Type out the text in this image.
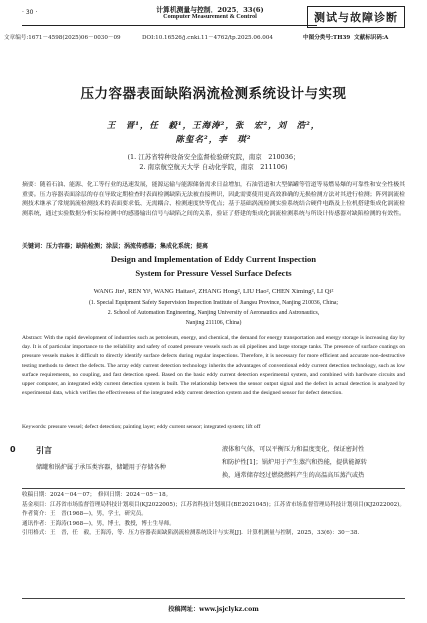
· 30 ·	计算机测量与控制．2025．33(6)
Computer Measurement & Control	测试与故障诊断
文章编号:1671－4598(2025)06－0030－09	DOI:10.16526/j.cnki.11－4762/tp.2025.06.004	中图分类号:TH39 文献标识码:A
压力容器表面缺陷涡流检测系统设计与实现
王　晋¹，任　毅¹，王海涛²，张　宏²，刘　浩²，
陈玺名²，李　琪²
(1. 江苏省特种设备安全监督检验研究院，南京　210036；
2. 南京航空航天大学 自动化学院，南京　211106)
摘要：随着石油、能源、化工等行业的迅速发展，能源运输与能源储备需求日益增加，石油管道和大型储罐等管道等易燃易爆的可靠性和安全性极其重要。压力容器表面涂层的存在导致定期检查时表面检测缺陷无法被直接辨识，因此需要使用更高效准确的无损检测方法对其进行检测；阵列涡流检测技术继承了常规涡流检测技术的表面要求低、无需耦合、检测速度快等优点；基于基础涡流检测实验系统结合硬件电路及上位机搭建集成化涡流检测系统，通过实验数据分析实际检测中的感器输出信号与缺陷之间的关系，验证了搭建的集成化涡流检测系统与所设计传感器对缺陷检测的有效性。
关键词：压力容器；缺陷检测；涂层；涡流传感器；集成化系统；提离
Design and Implementation of Eddy Current Inspection
System for Pressure Vessel Surface Defects
WANG Jin¹, REN Yi¹, WANG Haitao², ZHANG Hong², LIU Hao², CHEN Ximing², LI Qi²
(1. Special Equipment Safety Supervision Inspection Institute of Jiangsu Province, Nanjing 210036, China;
2. School of Automation Engineering, Nanjing University of Aeronautics and Astronautics,
Nanjing 211106, China)
Abstract: With the rapid development of industries such as petroleum, energy, and chemical, the demand for energy transportation and energy storage is increasing day by day. It is of particular importance to the reliability and safety of coated pressure vessels such as oil pipelines and large storage tanks. The presence of surface coatings on pressure vessels makes it difficult to directly identify surface defects during regular inspections. Therefore, it is necessary for more efficient and accurate non-destructive testing methods to detect the defects. The array eddy current detection technology inherits the advantages of conventional eddy current detection technology, such as low surface requirements, no coupling, and fast detection speed. Based on the basic eddy current detection experimental system, and combined with hardware circuits and upper computer, an integrated eddy current detection system is built. The relationship between the sensor output signal and the defect in actual detection is analyzed by experimental data, which verifies the effectiveness of the integrated eddy current detection system and the designed sensor for defect detection.
Keywords: pressure vessel; defect detection; painting layer; eddy current sensor; integrated system; lift off
0	引言
储罐和锅炉属于承压类容器，储罐用于存储各种
液体和气体，可以平衡压力和温度变化，保证密封性
和防护性[1]；锅炉用于产生蒸汽和热能，提供能源转
换，通常储存经过燃烧燃料产生的高温高压蒸汽或热
收稿日期：2024－04－07；　修回日期：2024－05－18。
基金项目：江苏省市场监督管理局科技计划项目(KJ2022005)；江苏省科技计划项目(BE2021045)；江苏省市场监督管理局科技计划项目(KJ2022002)。
作者简介：王　晋(1968—)，男，学士，研究员。
通讯作者：王海涛(1968—)，男，博士，教授，博士生导师。
引用格式：王　晋，任　毅，王海涛，等．压力容器表面缺陷涡流检测系统设计与实现[J]．计算机测量与控制，2025，33(6)：30－38.
投稿网址：www.jsjclykz.com
